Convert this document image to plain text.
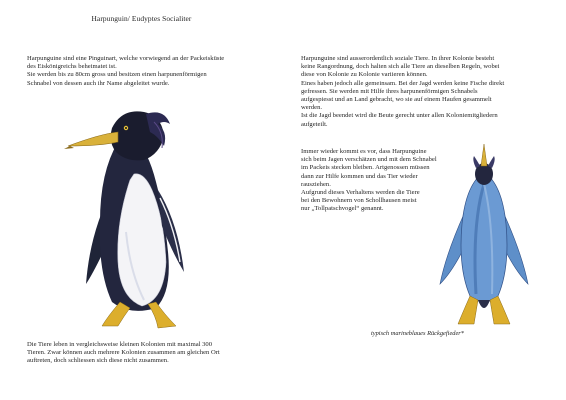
Harpunguin/ Eudyptes Socialiter
Harpunguine sind eine Pinguinart, welche vorwiegend an der Packeisküste
des Eiskönigreichs beheimatet ist.
Sie werden bis zu 80cm gross und besitzen einen harpunenförmigen
Schnabel von dessen auch ihr Name abgeleitet wurde.
Die Tiere leben in vergleichsweise kleinen Kolonien mit maximal 300
Tieren. Zwar können auch mehrere Kolonien zusammen am gleichen Ort
auftreten, doch schliessen sich diese nicht zusammen.
Harpunguine sind ausserordentlich soziale Tiere. In ihrer Kolonie besteht
keine Rangordnung, doch halten sich alle Tiere an dieselben Regeln, wobei
diese von Kolonie zu Kolonie variieren können.
Eines haben jedoch alle gemeinsam. Bei der Jagd werden keine Fische direkt
gefressen. Sie werden mit Hilfe ihres harpunenförmigen Schnabels
aufgespiesst und an Land gebracht, wo sie auf einem Haufen gesammelt
werden.
Ist die Jagd beendet wird die Beute gerecht unter allen Koloniemitgliedern
aufgeteilt.
Immer wieder kommt es vor, dass Harpunguine
sich beim Jagen verschätzen und mit dem Schnabel
im Packeis stecken bleiben. Artgenossen müssen
dann zur Hilfe kommen und das Tier wieder
rausziehen.
Aufgrund dieses Verhaltens werden die Tiere
bei den Bewohnern von Schollhausen meist
nur „Tollpatschvogel“ genannt.
typisch marineblaues Rückgefieder*
